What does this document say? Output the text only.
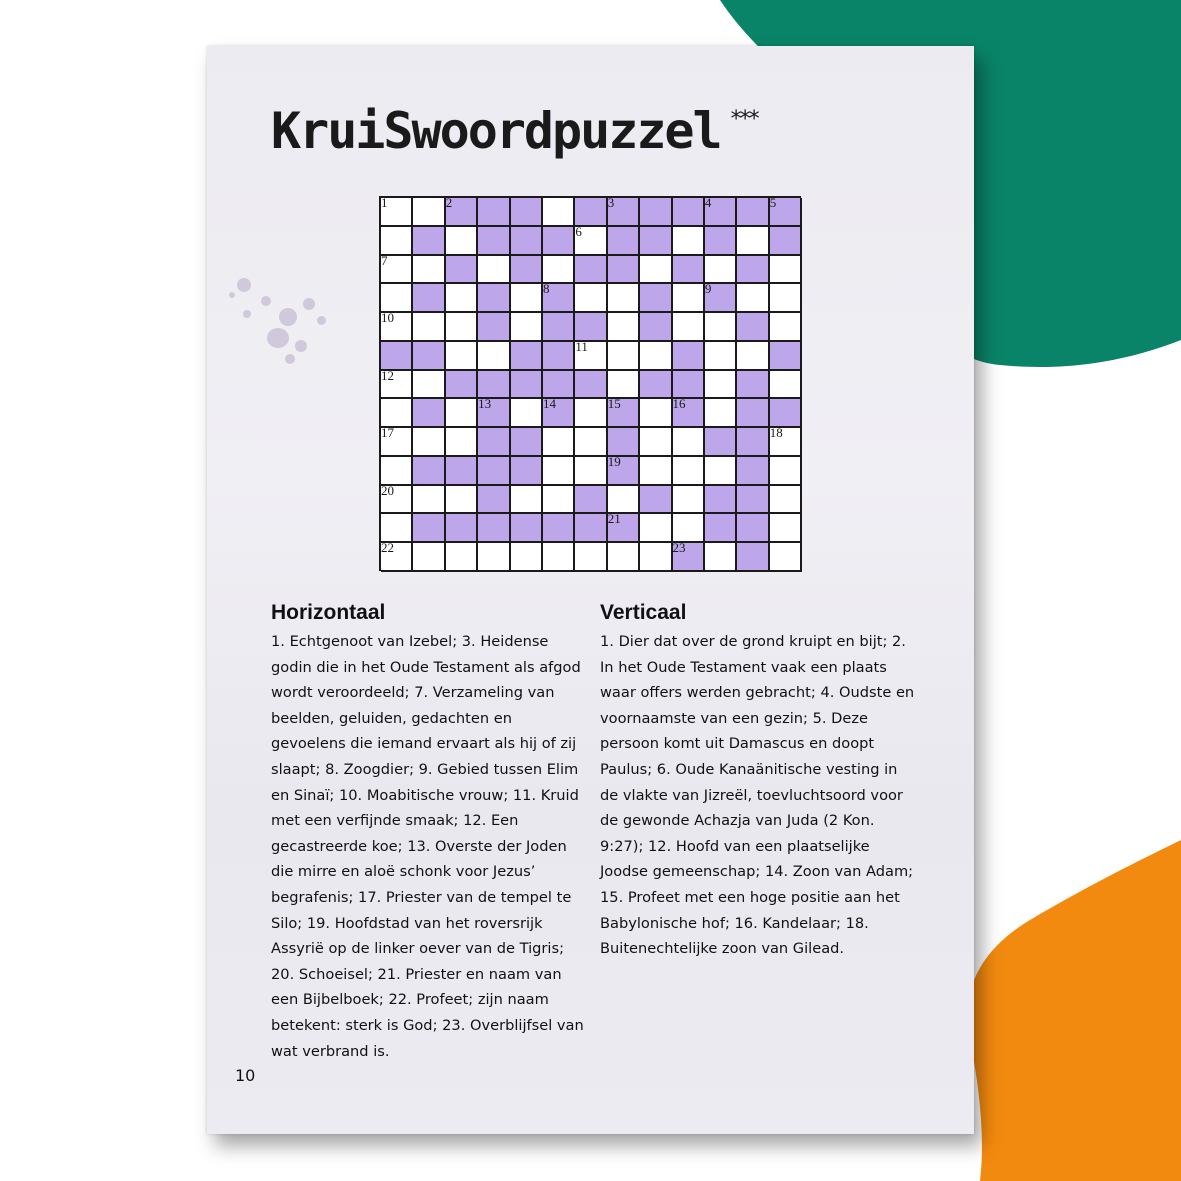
KruiSwoordpuzzel ***
1	2	3	4	5
6
7
8	9
10
11
12
13	14	15	16
17	18
19
20
21
22	23
Horizontaal

1. Echtgenoot van Izebel; 3. Heidense godin die in het Oude Testament als afgod wordt veroordeeld; 7. Verzameling van beelden, geluiden, gedachten en gevoelens die iemand ervaart als hij of zij slaapt; 8. Zoogdier; 9. Gebied tussen Elim en Sinaï; 10. Moabitische vrouw; 11. Kruid met een verfijnde smaak; 12. Een gecastreerde koe; 13. Overste der Joden die mirre en aloë schonk voor Jezus’ begrafenis; 17. Priester van de tempel te Silo; 19. Hoofdstad van het roversrijk Assyrië op de linker oever van de Tigris; 20. Schoeisel; 21. Priester en naam van een Bijbelboek; 22. Profeet; zijn naam betekent: sterk is God; 23. Overblijfsel van wat verbrand is.

Verticaal

1. Dier dat over de grond kruipt en bijt; 2. In het Oude Testament vaak een plaats waar offers werden gebracht; 4. Oudste en voornaamste van een gezin; 5. Deze persoon komt uit Damascus en doopt Paulus; 6. Oude Kanaänitische vesting in de vlakte van Jizreël, toevluchtsoord voor de gewonde Achazja van Juda (2 Kon. 9:27); 12. Hoofd van een plaatselijke Joodse gemeenschap; 14. Zoon van Adam; 15. Profeet met een hoge positie aan het Babylonische hof; 16. Kandelaar; 18. Buitenechtelijke zoon van Gilead.

10
